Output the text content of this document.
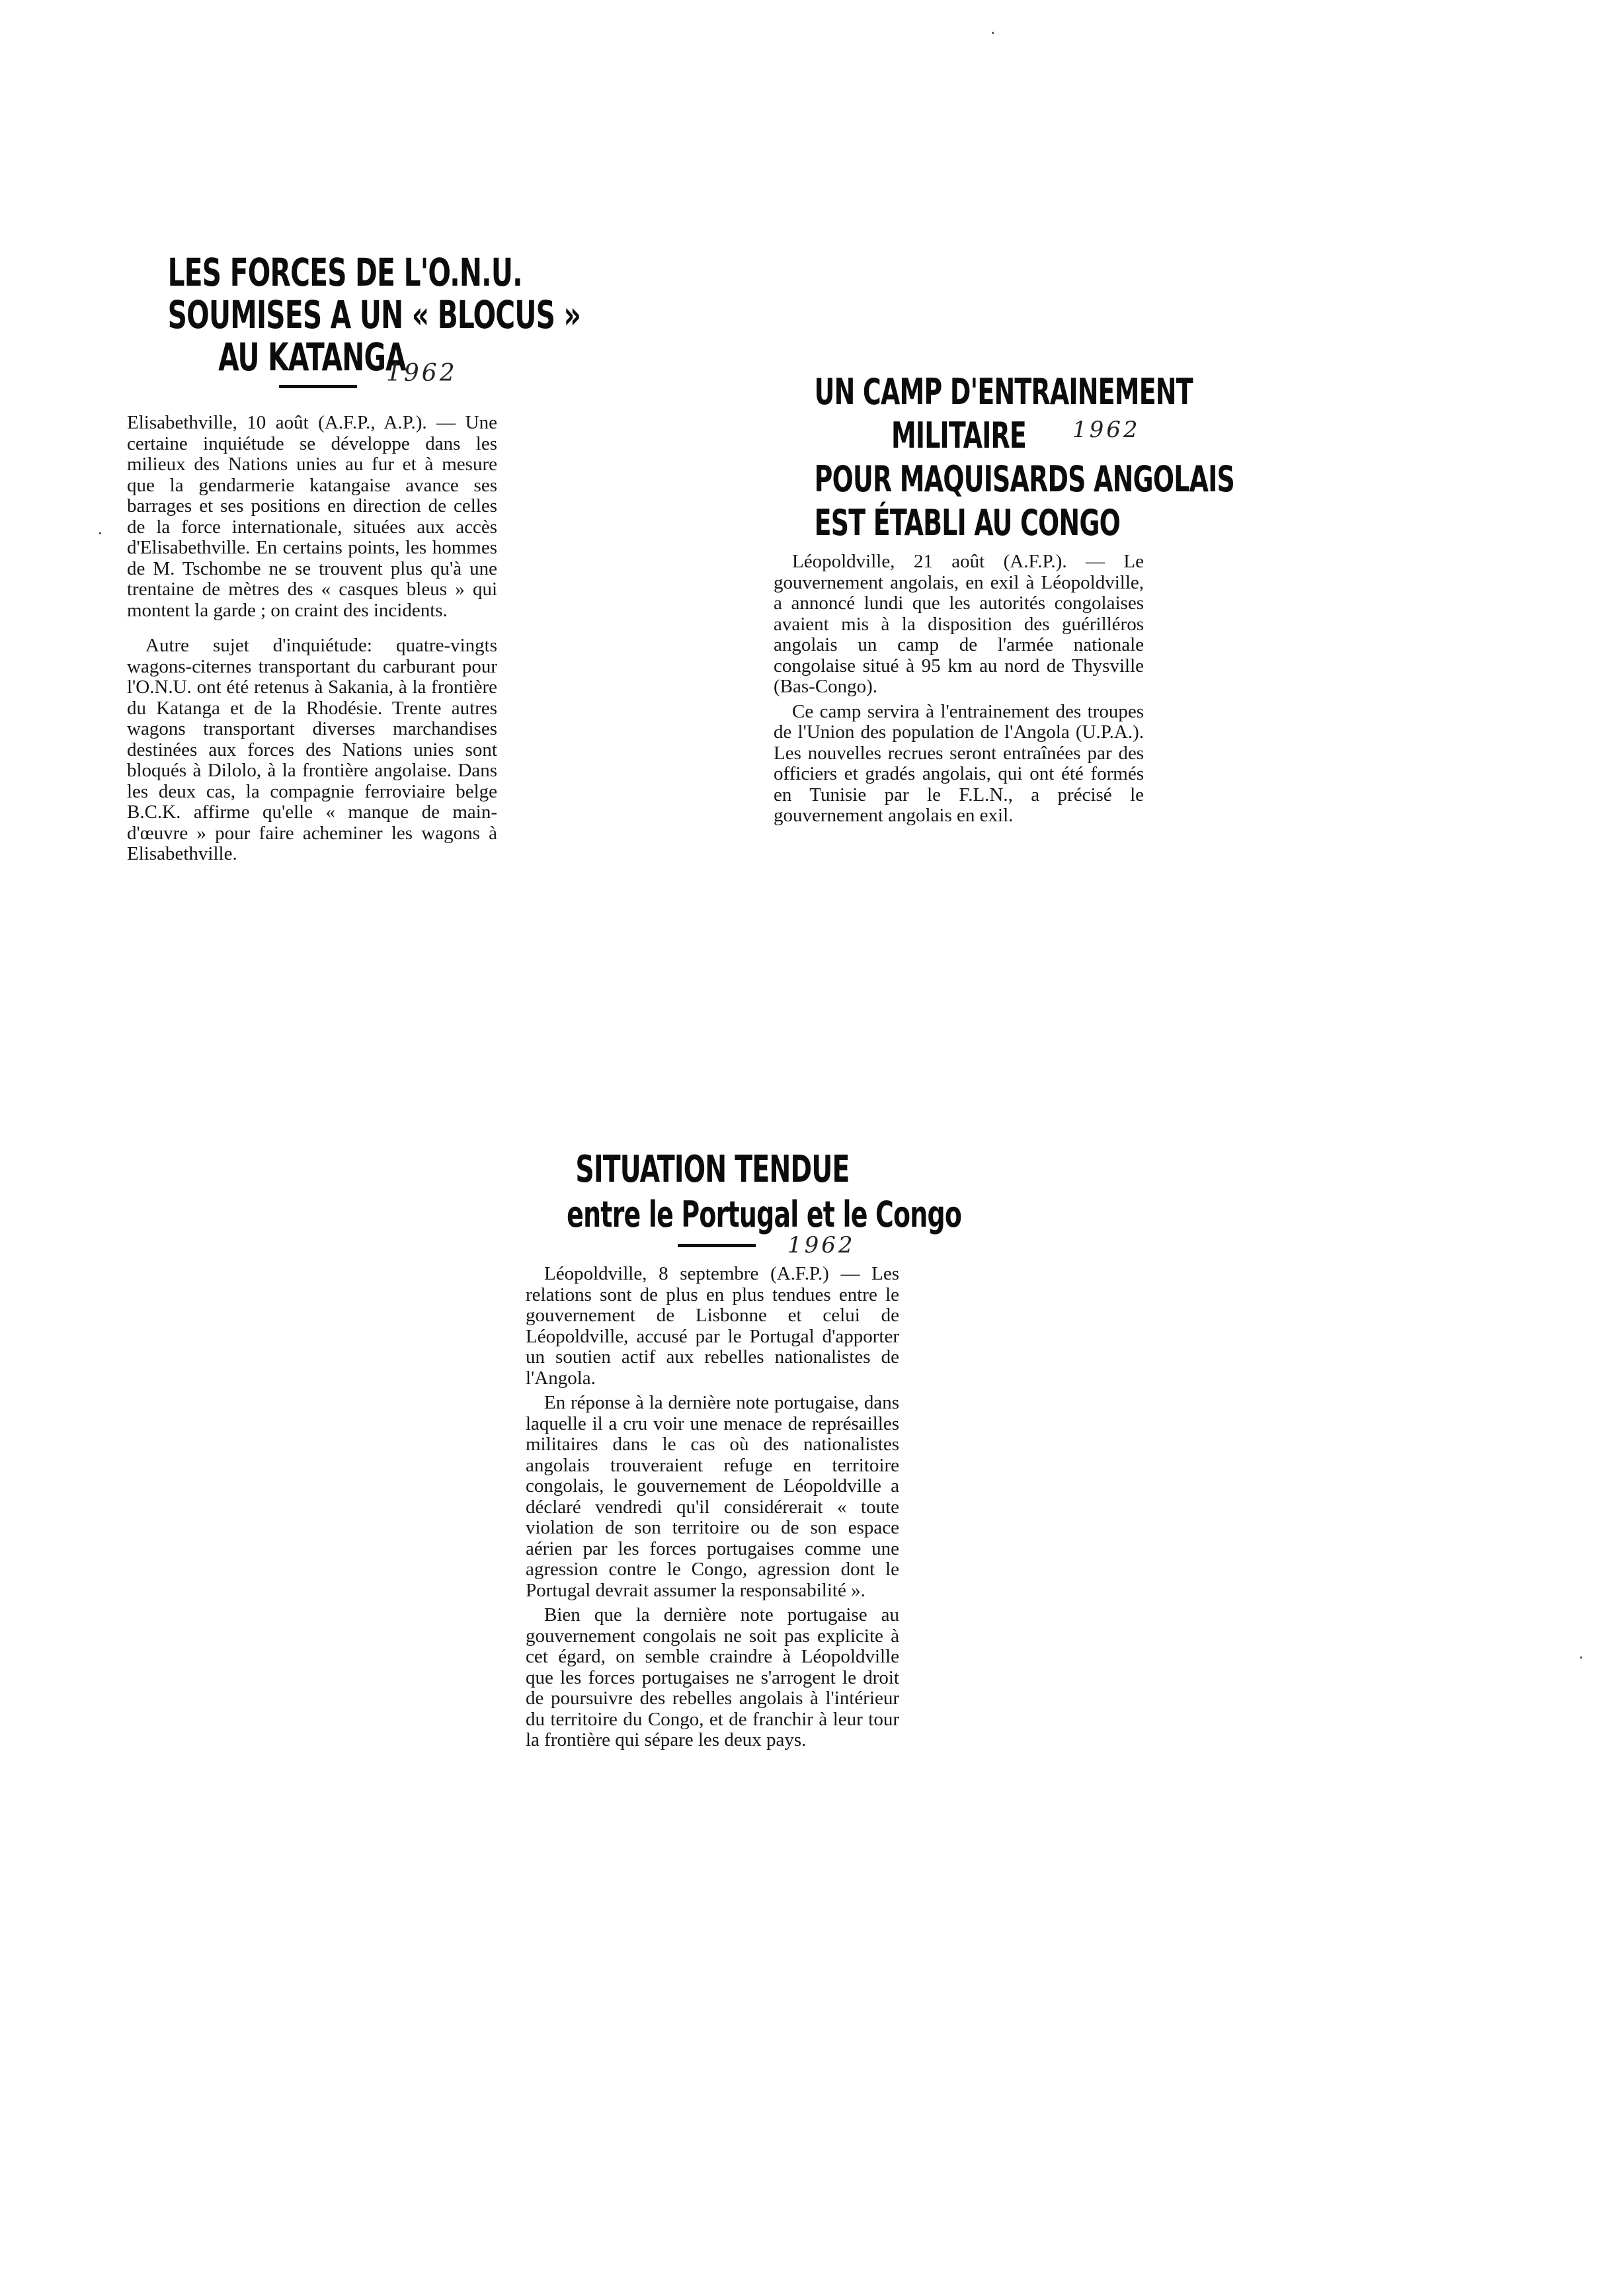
LES FORCES DE L'O.N.U.
SOUMISES A UN « BLOCUS »
AU KATANGA
1962

Elisabethville, 10 août (A.F.P., A.P.). — Une certaine inquiétude se développe dans les milieux des Nations unies au fur et à mesure que la gendarmerie katangaise avance ses barrages et ses positions en direction de celles de la force internationale, situées aux accès d'Elisabethville. En certains points, les hommes de M. Tschombe ne se trouvent plus qu'à une trentaine de mètres des « casques bleus » qui montent la garde ; on craint des incidents.

Autre sujet d'inquiétude: quatre-vingts wagons-citernes transportant du carburant pour l'O.N.U. ont été retenus à Sakania, à la frontière du Katanga et de la Rhodésie. Trente autres wagons transportant diverses marchandises destinées aux forces des Nations unies sont bloqués à Dilolo, à la frontière angolaise. Dans les deux cas, la compagnie ferroviaire belge B.C.K. affirme qu'elle « manque de main-d'œuvre » pour faire acheminer les wagons à Elisabethville.

UN CAMP D'ENTRAINEMENT
MILITAIRE
POUR MAQUISARDS ANGOLAIS
EST ÉTABLI AU CONGO
1962

Léopoldville, 21 août (A.F.P.). — Le gouvernement angolais, en exil à Léopoldville, a annoncé lundi que les autorités congolaises avaient mis à la disposition des guérilléros angolais un camp de l'armée nationale congolaise situé à 95 km au nord de Thysville (Bas-Congo).

Ce camp servira à l'entrainement des troupes de l'Union des population de l'Angola (U.P.A.). Les nouvelles recrues seront entraînées par des officiers et gradés angolais, qui ont été formés en Tunisie par le F.L.N., a précisé le gouvernement angolais en exil.

SITUATION TENDUE
entre le Portugal et le Congo
1962

Léopoldville, 8 septembre (A.F.P.) — Les relations sont de plus en plus tendues entre le gouvernement de Lisbonne et celui de Léopoldville, accusé par le Portugal d'apporter un soutien actif aux rebelles nationalistes de l'Angola.

En réponse à la dernière note portugaise, dans laquelle il a cru voir une menace de représailles militaires dans le cas où des nationalistes angolais trouveraient refuge en territoire congolais, le gouvernement de Léopoldville a déclaré vendredi qu'il considérerait « toute violation de son territoire ou de son espace aérien par les forces portugaises comme une agression contre le Congo, agression dont le Portugal devrait assumer la responsabilité ».

Bien que la dernière note portugaise au gouvernement congolais ne soit pas explicite à cet égard, on semble craindre à Léopoldville que les forces portugaises ne s'arrogent le droit de poursuivre des rebelles angolais à l'intérieur du territoire du Congo, et de franchir à leur tour la frontière qui sépare les deux pays.
